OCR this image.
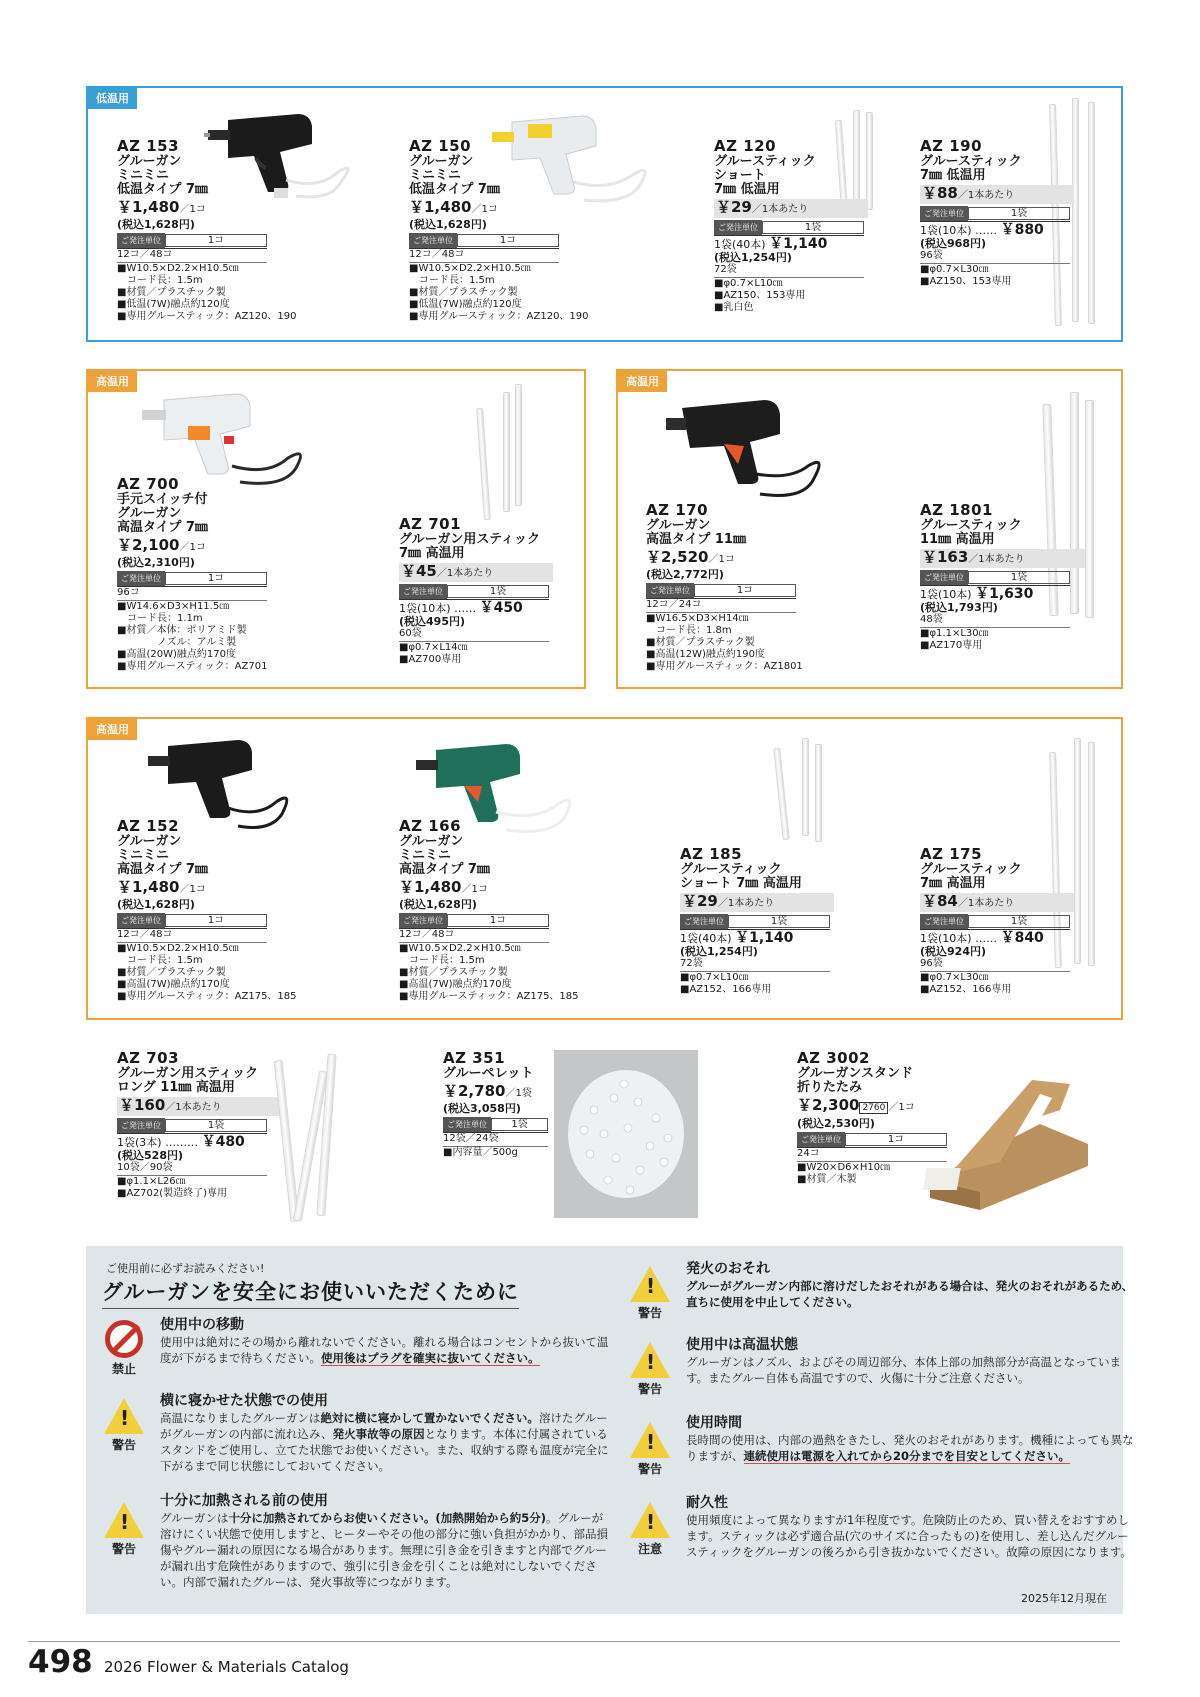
低温用
AZ 153
グルーガン
ミニミニ
低温タイプ 7㎜
￥1,480／1コ
(税込1,628円)
ご発注単位	1コ
12コ／48コ
■W10.5×D2.2×H10.5㎝
　コード長：1.5m
■材質／プラスチック製
■低温(7W)融点約120度
■専用グルースティック：AZ120、190
AZ 150
グルーガン
ミニミニ
低温タイプ 7㎜
￥1,480／1コ
(税込1,628円)
ご発注単位	1コ
12コ／48コ
■W10.5×D2.2×H10.5㎝
　コード長：1.5m
■材質／プラスチック製
■低温(7W)融点約120度
■専用グルースティック：AZ120、190
AZ 120
グルースティック
ショート
7㎜ 低温用
￥29／1本あたり
ご発注単位	1袋
1袋(40本) ￥1,140
(税込1,254円)
72袋
■φ0.7×L10㎝
■AZ150、153専用
■乳白色
AZ 190
グルースティック
7㎜ 低温用
￥88／1本あたり
ご発注単位	1袋
1袋(10本) …… ￥880
(税込968円)
96袋
■φ0.7×L30㎝
■AZ150、153専用
高温用
AZ 700
手元スイッチ付
グルーガン
高温タイプ 7㎜
￥2,100／1コ
(税込2,310円)
ご発注単位	1コ
96コ
■W14.6×D3×H11.5㎝
　コード長：1.1m
■材質／本体：ポリアミド製
　　　　ノズル：アルミ製
■高温(20W)融点約170度
■専用グルースティック：AZ701
AZ 701
グルーガン用スティック
7㎜ 高温用
￥45／1本あたり
ご発注単位	1袋
1袋(10本) …… ￥450
(税込495円)
60袋
■φ0.7×L14㎝
■AZ700専用
高温用
AZ 170
グルーガン
高温タイプ 11㎜
￥2,520／1コ
(税込2,772円)
ご発注単位	1コ
12コ／24コ
■W16.5×D3×H14㎝
　コード長：1.8m
■材質／プラスチック製
■高温(12W)融点約190度
■専用グルースティック：AZ1801
AZ 1801
グルースティック
11㎜ 高温用
￥163／1本あたり
ご発注単位	1袋
1袋(10本) ￥1,630
(税込1,793円)
48袋
■φ1.1×L30㎝
■AZ170専用
高温用
AZ 152
グルーガン
ミニミニ
高温タイプ 7㎜
￥1,480／1コ
(税込1,628円)
ご発注単位	1コ
12コ／48コ
■W10.5×D2.2×H10.5㎝
　コード長：1.5m
■材質／プラスチック製
■高温(7W)融点約170度
■専用グルースティック：AZ175、185
AZ 166
グルーガン
ミニミニ
高温タイプ 7㎜
￥1,480／1コ
(税込1,628円)
ご発注単位	1コ
12コ／48コ
■W10.5×D2.2×H10.5㎝
　コード長：1.5m
■材質／プラスチック製
■高温(7W)融点約170度
■専用グルースティック：AZ175、185
AZ 185
グルースティック
ショート 7㎜ 高温用
￥29／1本あたり
ご発注単位	1袋
1袋(40本) ￥1,140
(税込1,254円)
72袋
■φ0.7×L10㎝
■AZ152、166専用
AZ 175
グルースティック
7㎜ 高温用
￥84／1本あたり
ご発注単位	1袋
1袋(10本) …… ￥840
(税込924円)
96袋
■φ0.7×L30㎝
■AZ152、166専用
AZ 703
グルーガン用スティック
ロング 11㎜ 高温用
￥160／1本あたり
ご発注単位	1袋
1袋(3本) ……… ￥480
(税込528円)
10袋／90袋
■φ1.1×L26㎝
■AZ702(製造終了)専用
AZ 351
グルーペレット
￥2,780／1袋
(税込3,058円)
ご発注単位	1袋
12袋／24袋
■内容量／500g
AZ 3002
グルーガンスタンド
折りたたみ
￥2,300 2760 ／1コ
(税込2,530円)
ご発注単位	1コ
24コ
■W20×D6×H10㎝
■材質／木製
ご使用前に必ずお読みください!
グルーガンを安全にお使いいただくために
禁止
使用中の移動
使用中は絶対にその場から離れないでください。離れる場合はコンセントから抜いて温度が下がるまで待ちください。使用後はプラグを確実に抜いてください。
!
警告
横に寝かせた状態での使用
高温になりましたグルーガンは絶対に横に寝かして置かないでください。溶けたグルーがグルーガンの内部に流れ込み、発火事故等の原因となります。本体に付属されているスタンドをご使用し、立てた状態でお使いください。また、収納する際も温度が完全に下がるまで同じ状態にしておいてください。
!
警告
十分に加熱される前の使用
グルーガンは十分に加熱されてからお使いください。(加熱開始から約5分)。グルーが溶けにくい状態で使用しますと、ヒーターやその他の部分に強い負担がかかり、部品損傷やグルー漏れの原因になる場合があります。無理に引き金を引きますと内部でグルーが漏れ出す危険性がありますので、強引に引き金を引くことは絶対にしないでください。内部で漏れたグルーは、発火事故等につながります。
!
警告
発火のおそれ
グルーがグルーガン内部に溶けだしたおそれがある場合は、発火のおそれがあるため、直ちに使用を中止してください。
!
警告
使用中は高温状態
グルーガンはノズル、およびその周辺部分、本体上部の加熱部分が高温となっています。またグルー自体も高温ですので、火傷に十分ご注意ください。
!
警告
使用時間
長時間の使用は、内部の過熱をきたし、発火のおそれがあります。機種によっても異なりますが、連続使用は電源を入れてから20分までを目安としてください。
!
注意
耐久性
使用頻度によって異なりますが1年程度です。危険防止のため、買い替えをおすすめします。スティックは必ず適合品(穴のサイズに合ったもの)を使用し、差し込んだグルースティックをグルーガンの後ろから引き抜かないでください。故障の原因になります。
2025年12月現在
498 2026 Flower & Materials Catalog
